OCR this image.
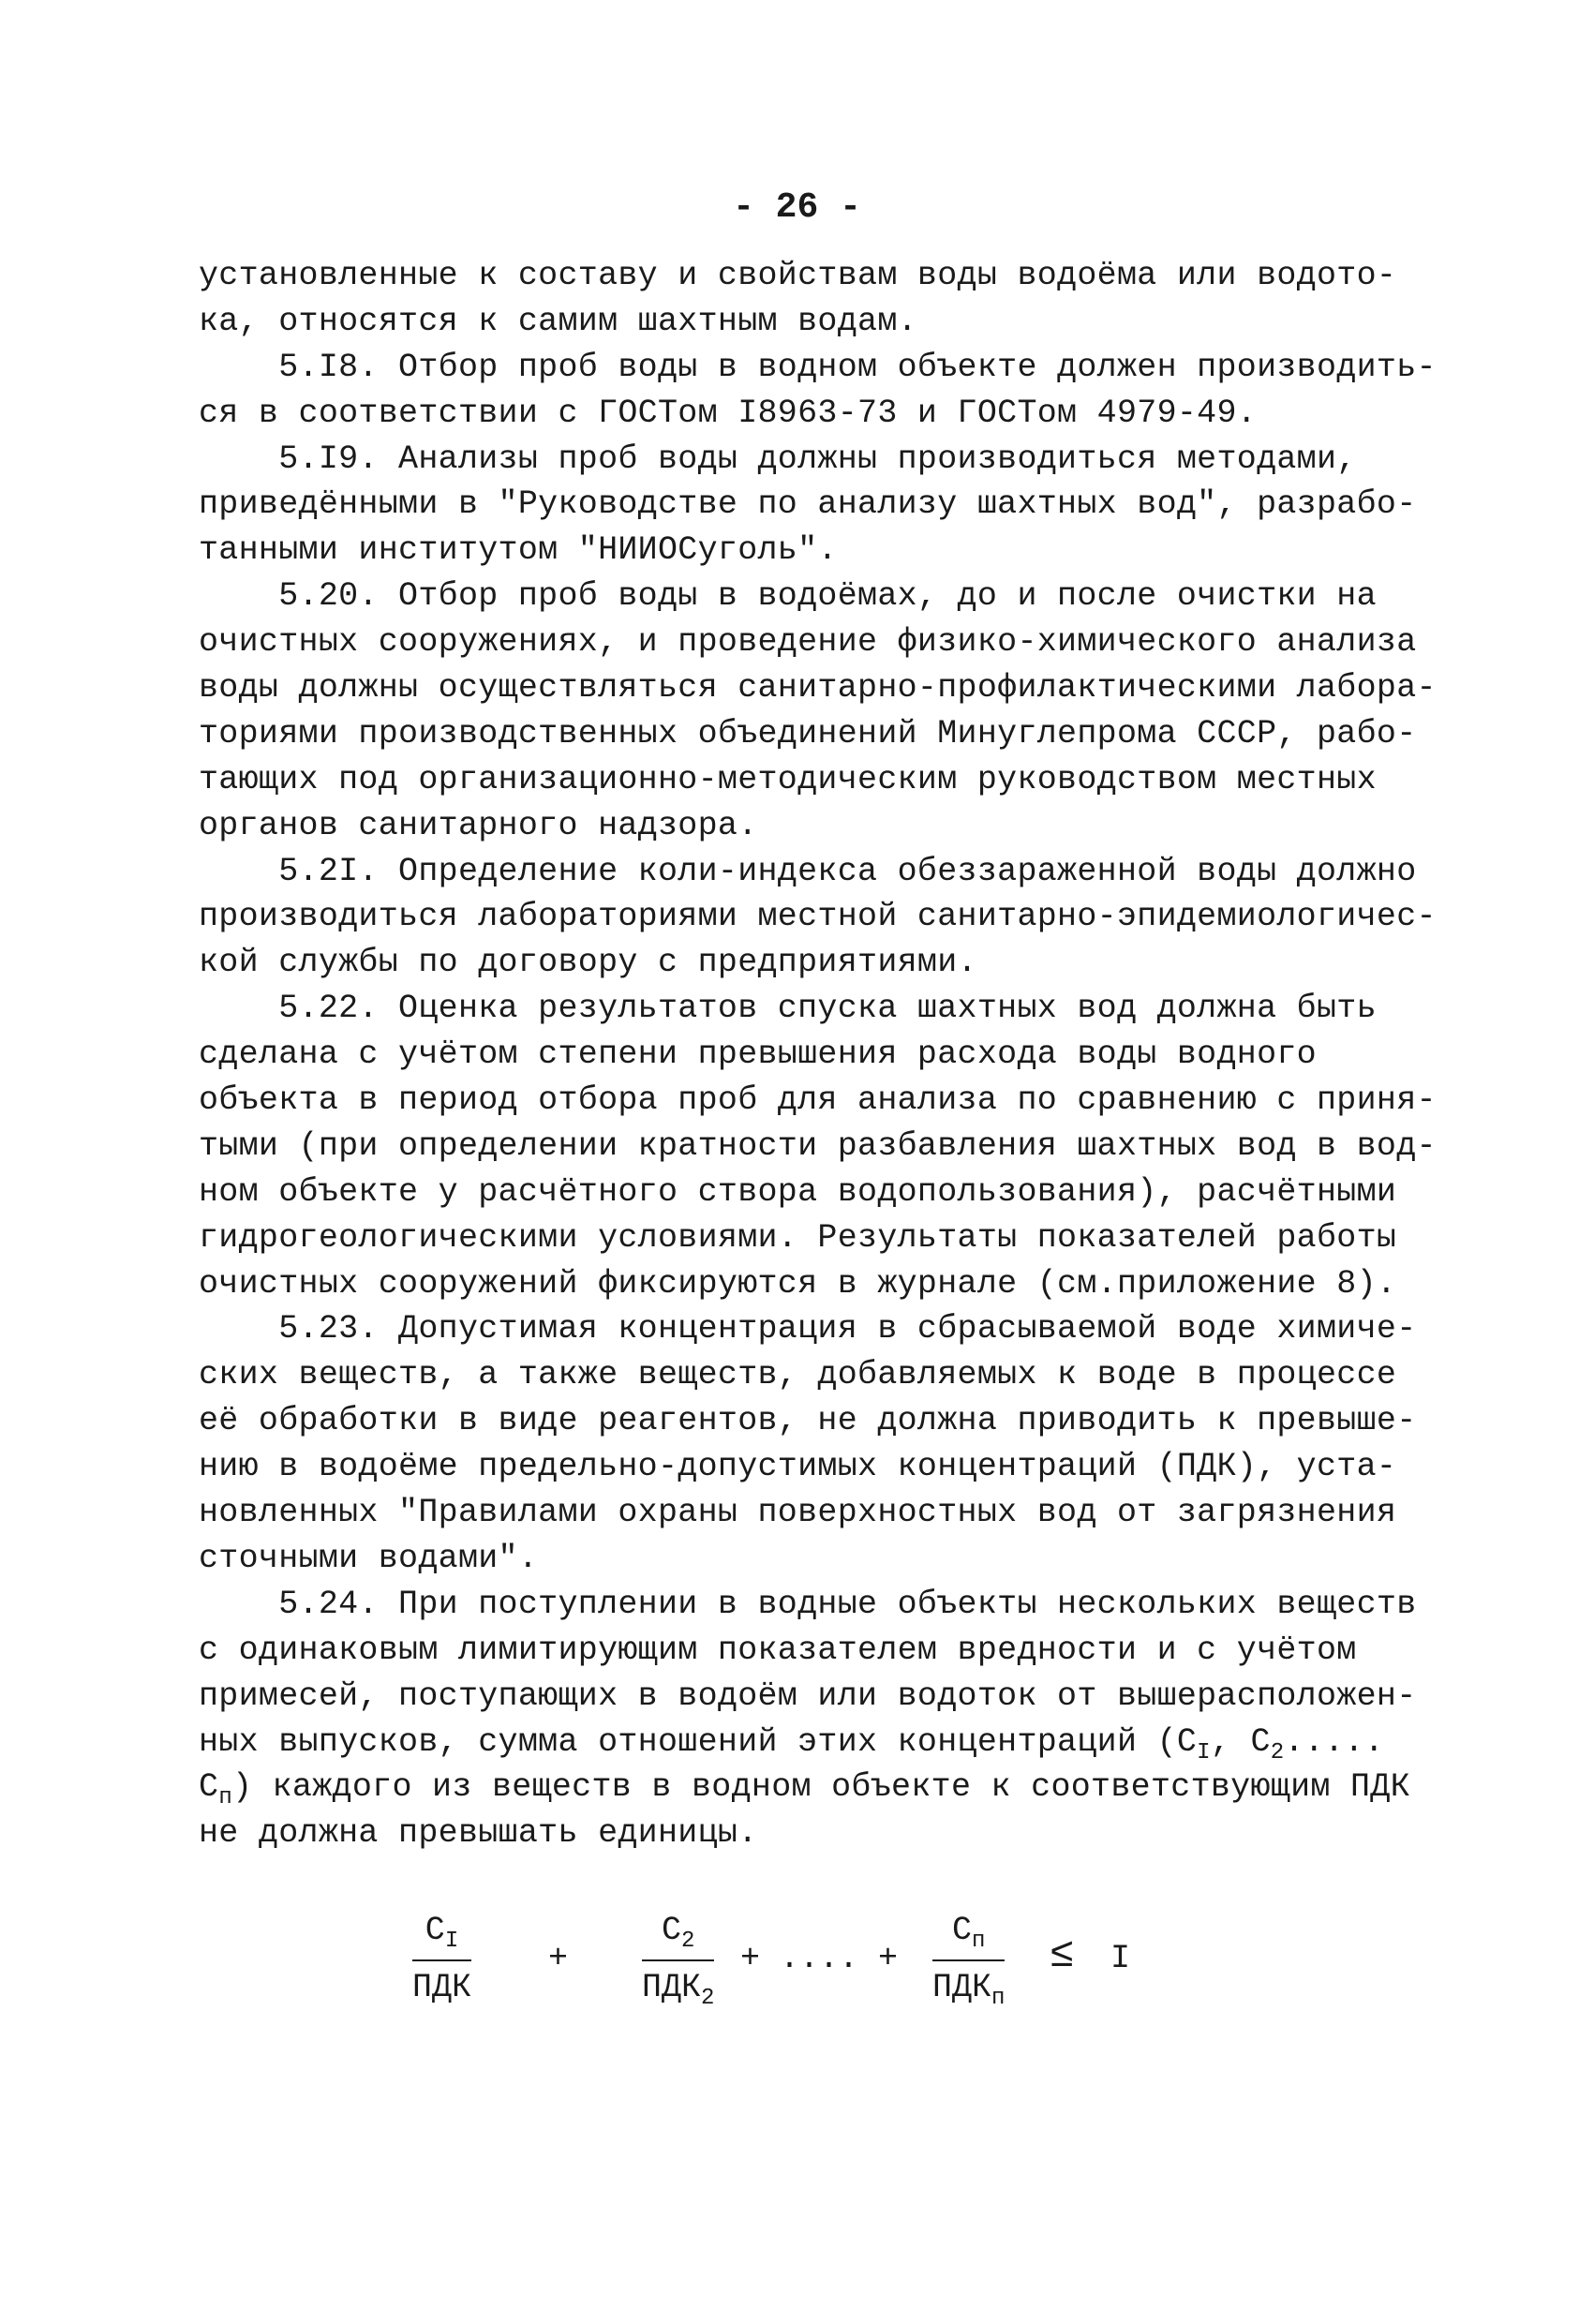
- 26 -
установленные к составу и свойствам воды водоёма или водото-
ка, относятся к самим шахтным водам.
5.I8. Отбор проб воды в водном объекте должен производить-
ся в соответствии с ГОСТом I8963-73 и ГОСТом 4979-49.
5.I9. Анализы проб воды должны производиться методами,
приведёнными в "Руководстве по анализу шахтных вод", разрабо-
танными институтом "НИИОСуголь".
5.20. Отбор проб воды в водоёмах, до и после очистки на
очистных сооружениях, и проведение физико-химического анализа
воды должны осуществляться санитарно-профилактическими лабора-
ториями производственных объединений Минуглепрома СССР, рабо-
тающих под организационно-методическим руководством местных
органов санитарного надзора.
5.2I. Определение коли-индекса обеззараженной воды должно
производиться лабораториями местной санитарно-эпидемиологичес-
кой службы по договору с предприятиями.
5.22. Оценка результатов спуска шахтных вод должна быть
сделана с учётом степени превышения расхода воды водного
объекта в период отбора проб для анализа по сравнению с приня-
тыми (при определении кратности разбавления шахтных вод в вод-
ном объекте у расчётного створа водопользования), расчётными
гидрогеологическими условиями. Результаты показателей работы
очистных сооружений фиксируются в журнале (см.приложение 8).
5.23. Допустимая концентрация в сбрасываемой воде химиче-
ских веществ, а также веществ, добавляемых к воде в процессе
её обработки в виде реагентов, не должна приводить к превыше-
нию в водоёме предельно-допустимых концентраций (ПДК), уста-
новленных "Правилами охраны поверхностных вод от загрязнения
сточными водами".
5.24. При поступлении в водные объекты нескольких веществ
с одинаковым лимитирующим показателем вредности и с учётом
примесей, поступающих в водоём или водоток от вышерасположен-
ных выпусков, сумма отношений этих концентраций ($C_I$, $C_2$.....
$C_п$) каждого из веществ в водном объекте к соответствующим ПДК
не должна превышать единицы.
$C_I$
ПДК
+
$C_2$
$ПДК_2$
+ .... +
$C_п$
$ПДК_п$
≤ I
